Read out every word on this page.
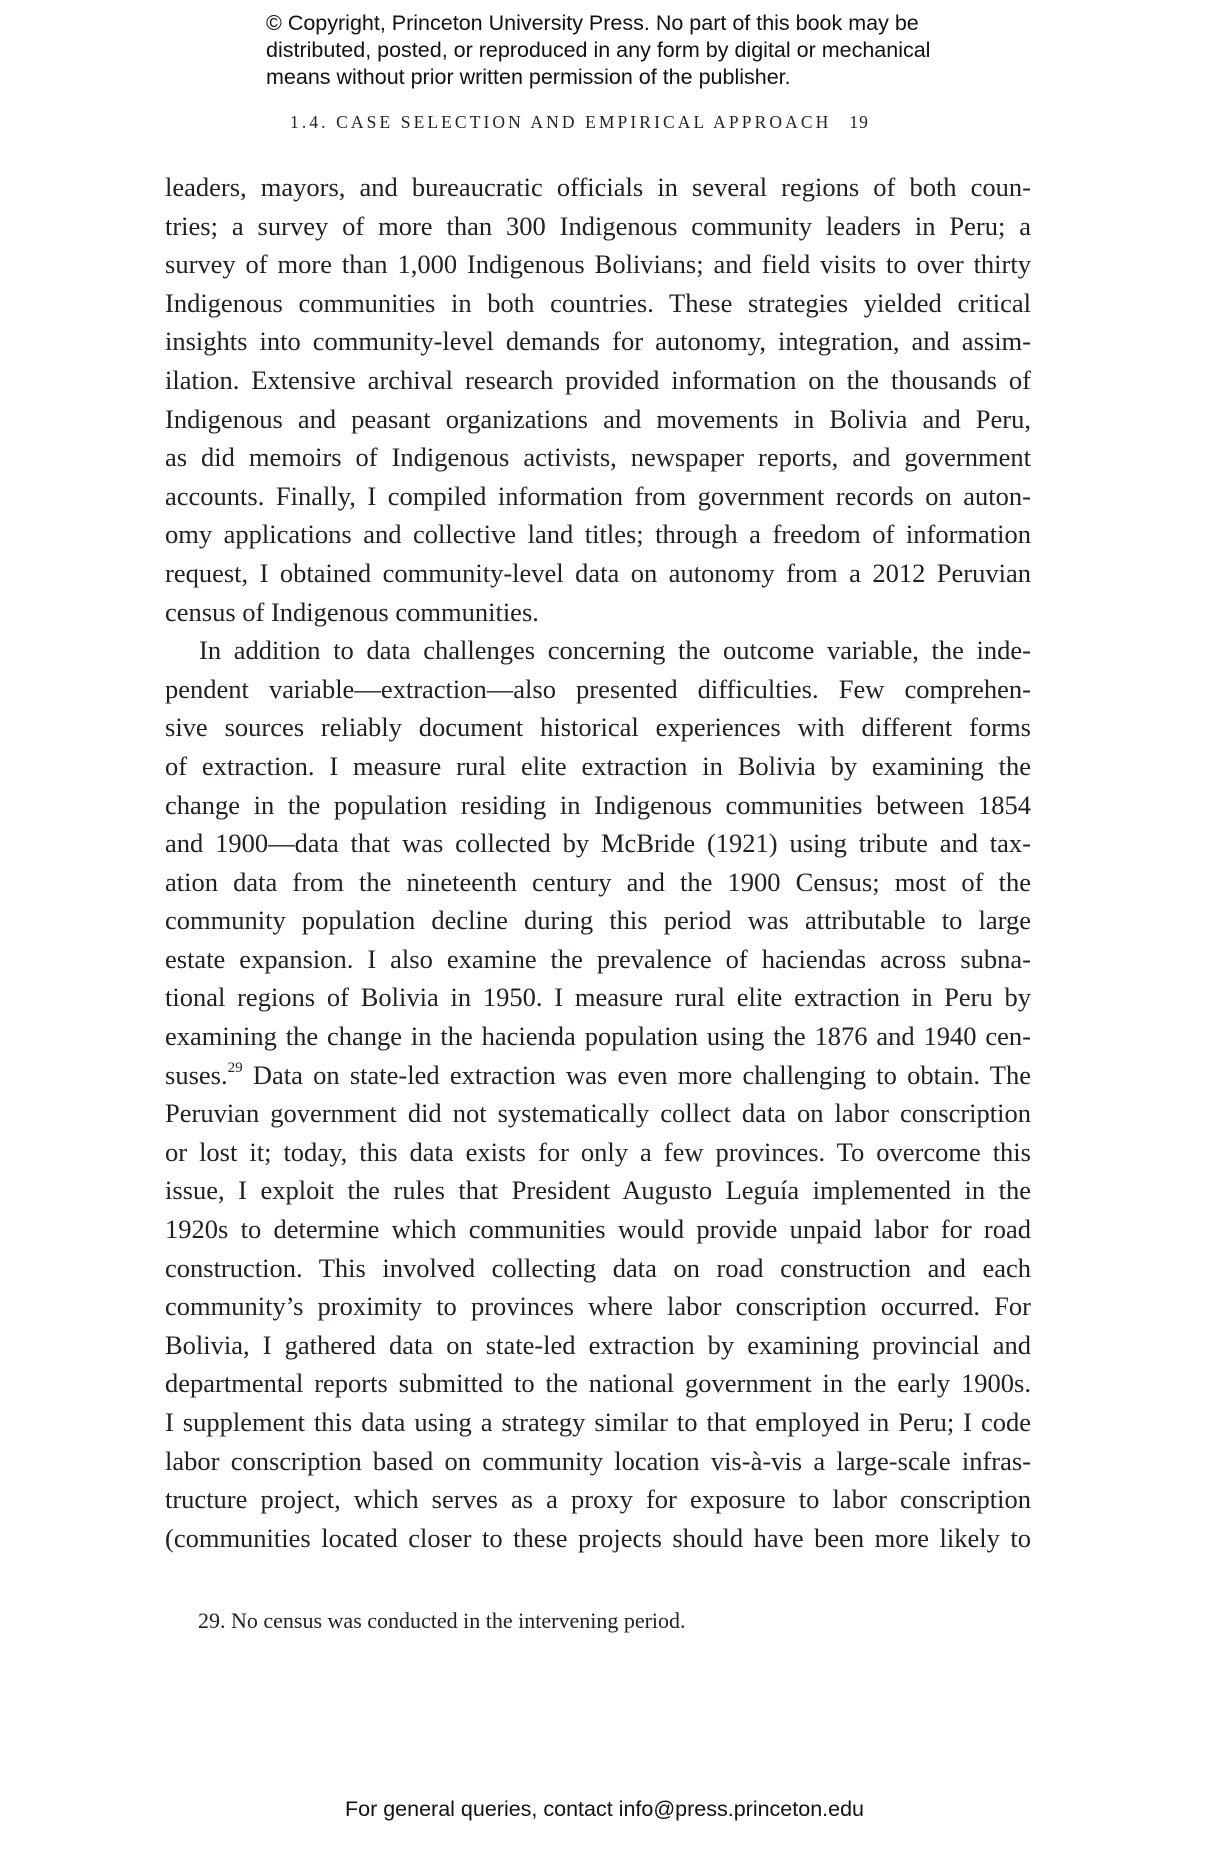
© Copyright, Princeton University Press. No part of this book may be
distributed, posted, or reproduced in any form by digital or mechanical
means without prior written permission of the publisher.
1.4. CASE SELECTION AND EMPIRICAL APPROACH 19
leaders, mayors, and bureaucratic officials in several regions of both coun-
tries; a survey of more than 300 Indigenous community leaders in Peru; a
survey of more than 1,000 Indigenous Bolivians; and field visits to over thirty
Indigenous communities in both countries. These strategies yielded critical
insights into community-level demands for autonomy, integration, and assim-
ilation. Extensive archival research provided information on the thousands of
Indigenous and peasant organizations and movements in Bolivia and Peru,
as did memoirs of Indigenous activists, newspaper reports, and government
accounts. Finally, I compiled information from government records on auton-
omy applications and collective land titles; through a freedom of information
request, I obtained community-level data on autonomy from a 2012 Peruvian
census of Indigenous communities.
In addition to data challenges concerning the outcome variable, the inde-
pendent variable—extraction—also presented difficulties. Few comprehen-
sive sources reliably document historical experiences with different forms
of extraction. I measure rural elite extraction in Bolivia by examining the
change in the population residing in Indigenous communities between 1854
and 1900—data that was collected by McBride (1921) using tribute and tax-
ation data from the nineteenth century and the 1900 Census; most of the
community population decline during this period was attributable to large
estate expansion. I also examine the prevalence of haciendas across subna-
tional regions of Bolivia in 1950. I measure rural elite extraction in Peru by
examining the change in the hacienda population using the 1876 and 1940 cen-
suses.$^{29}$ Data on state-led extraction was even more challenging to obtain. The
Peruvian government did not systematically collect data on labor conscription
or lost it; today, this data exists for only a few provinces. To overcome this
issue, I exploit the rules that President Augusto Leguía implemented in the
1920s to determine which communities would provide unpaid labor for road
construction. This involved collecting data on road construction and each
community’s proximity to provinces where labor conscription occurred. For
Bolivia, I gathered data on state-led extraction by examining provincial and
departmental reports submitted to the national government in the early 1900s.
I supplement this data using a strategy similar to that employed in Peru; I code
labor conscription based on community location vis-à-vis a large-scale infras-
tructure project, which serves as a proxy for exposure to labor conscription
(communities located closer to these projects should have been more likely to
29. No census was conducted in the intervening period.
For general queries, contact info@press.princeton.edu
